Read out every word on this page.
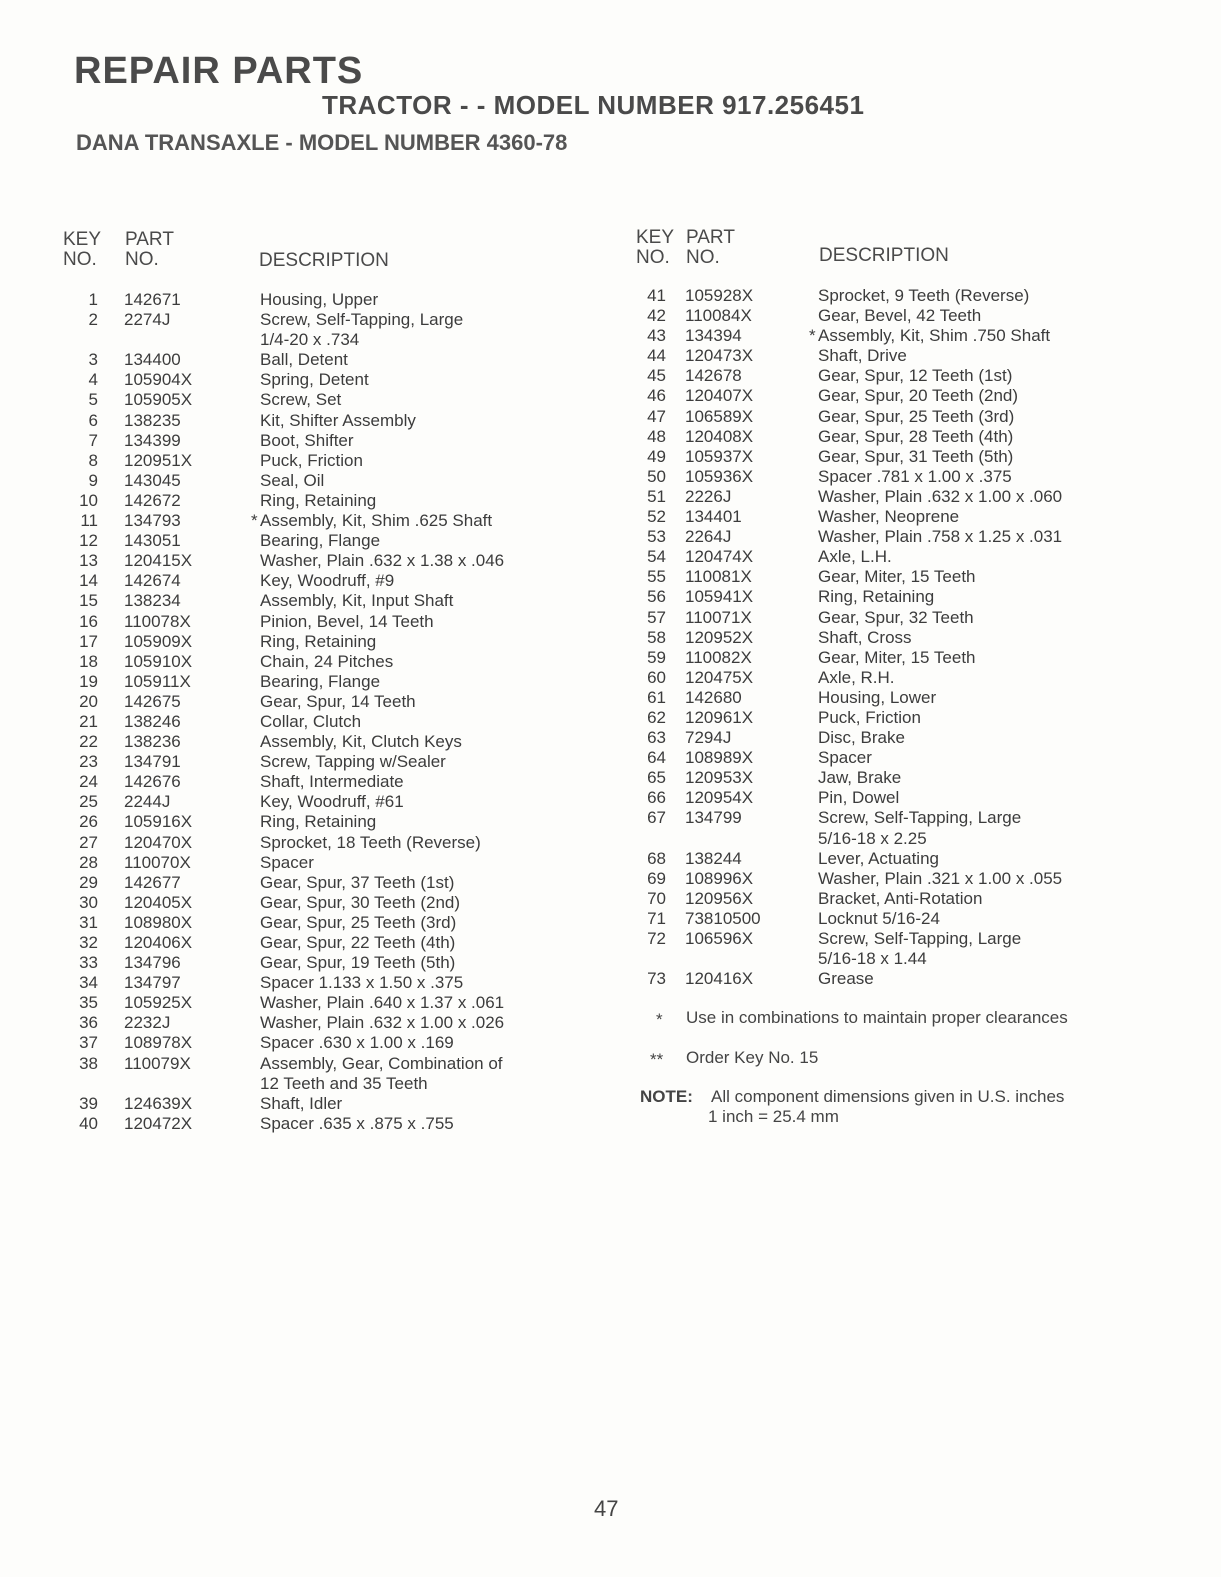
REPAIR PARTS
TRACTOR - - MODEL NUMBER 917.256451
DANA TRANSAXLE - MODEL NUMBER 4360-78
KEY
NO.
PART
NO.	DESCRIPTION
KEY
NO.
PART
NO.	DESCRIPTION
1 142671	Housing, Upper
2 2274J	Screw, Self-Tapping, Large
1/4-20 x .734
3 134400	Ball, Detent
4 105904X	Spring, Detent
5 105905X	Screw, Set
6 138235	Kit, Shifter Assembly
7 134399	Boot, Shifter
8 120951X	Puck, Friction
9 143045	Seal, Oil
10 142672	Ring, Retaining
11 134793	Assembly, Kit, Shim .625 Shaft
*
12 143051	Bearing, Flange
13 120415X	Washer, Plain .632 x 1.38 x .046
14 142674	Key, Woodruff, #9
15 138234	Assembly, Kit, Input Shaft
16 110078X	Pinion, Bevel, 14 Teeth
17 105909X	Ring, Retaining
18 105910X	Chain, 24 Pitches
19 105911X	Bearing, Flange
20 142675	Gear, Spur, 14 Teeth
21 138246	Collar, Clutch
22 138236	Assembly, Kit, Clutch Keys
23 134791	Screw, Tapping w/Sealer
24 142676	Shaft, Intermediate
25 2244J	Key, Woodruff, #61
26 105916X	Ring, Retaining
27 120470X	Sprocket, 18 Teeth (Reverse)
28 110070X	Spacer
29 142677	Gear, Spur, 37 Teeth (1st)
30 120405X	Gear, Spur, 30 Teeth (2nd)
31 108980X	Gear, Spur, 25 Teeth (3rd)
32 120406X	Gear, Spur, 22 Teeth (4th)
33 134796	Gear, Spur, 19 Teeth (5th)
34 134797	Spacer 1.133 x 1.50 x .375
35 105925X	Washer, Plain .640 x 1.37 x .061
36 2232J	Washer, Plain .632 x 1.00 x .026
37 108978X	Spacer .630 x 1.00 x .169
38 110079X	Assembly, Gear, Combination of
12 Teeth and 35 Teeth
39 124639X	Shaft, Idler
40 120472X	Spacer .635 x .875 x .755
41 105928X	Sprocket, 9 Teeth (Reverse)
42 110084X	Gear, Bevel, 42 Teeth
43 134394	Assembly, Kit, Shim .750 Shaft
*
44 120473X	Shaft, Drive
45 142678	Gear, Spur, 12 Teeth (1st)
46 120407X	Gear, Spur, 20 Teeth (2nd)
47 106589X	Gear, Spur, 25 Teeth (3rd)
48 120408X	Gear, Spur, 28 Teeth (4th)
49 105937X	Gear, Spur, 31 Teeth (5th)
50 105936X	Spacer .781 x 1.00 x .375
51 2226J	Washer, Plain .632 x 1.00 x .060
52 134401	Washer, Neoprene
53 2264J	Washer, Plain .758 x 1.25 x .031
54 120474X	Axle, L.H.
55 110081X	Gear, Miter, 15 Teeth
56 105941X	Ring, Retaining
57 110071X	Gear, Spur, 32 Teeth
58 120952X	Shaft, Cross
59 110082X	Gear, Miter, 15 Teeth
60 120475X	Axle, R.H.
61 142680	Housing, Lower
62 120961X	Puck, Friction
63 7294J	Disc, Brake
64 108989X	Spacer
65 120953X	Jaw, Brake
66 120954X	Pin, Dowel
67 134799	Screw, Self-Tapping, Large
5/16-18 x 2.25
68 138244	Lever, Actuating
69 108996X	Washer, Plain .321 x 1.00 x .055
70 120956X	Bracket, Anti-Rotation
71 73810500	Locknut 5/16-24
72 106596X	Screw, Self-Tapping, Large
5/16-18 x 1.44
73 120416X	Grease
* Use in combinations to maintain proper clearances
** Order Key No. 15
NOTE: All component dimensions given in U.S. inches
1 inch = 25.4 mm
47
